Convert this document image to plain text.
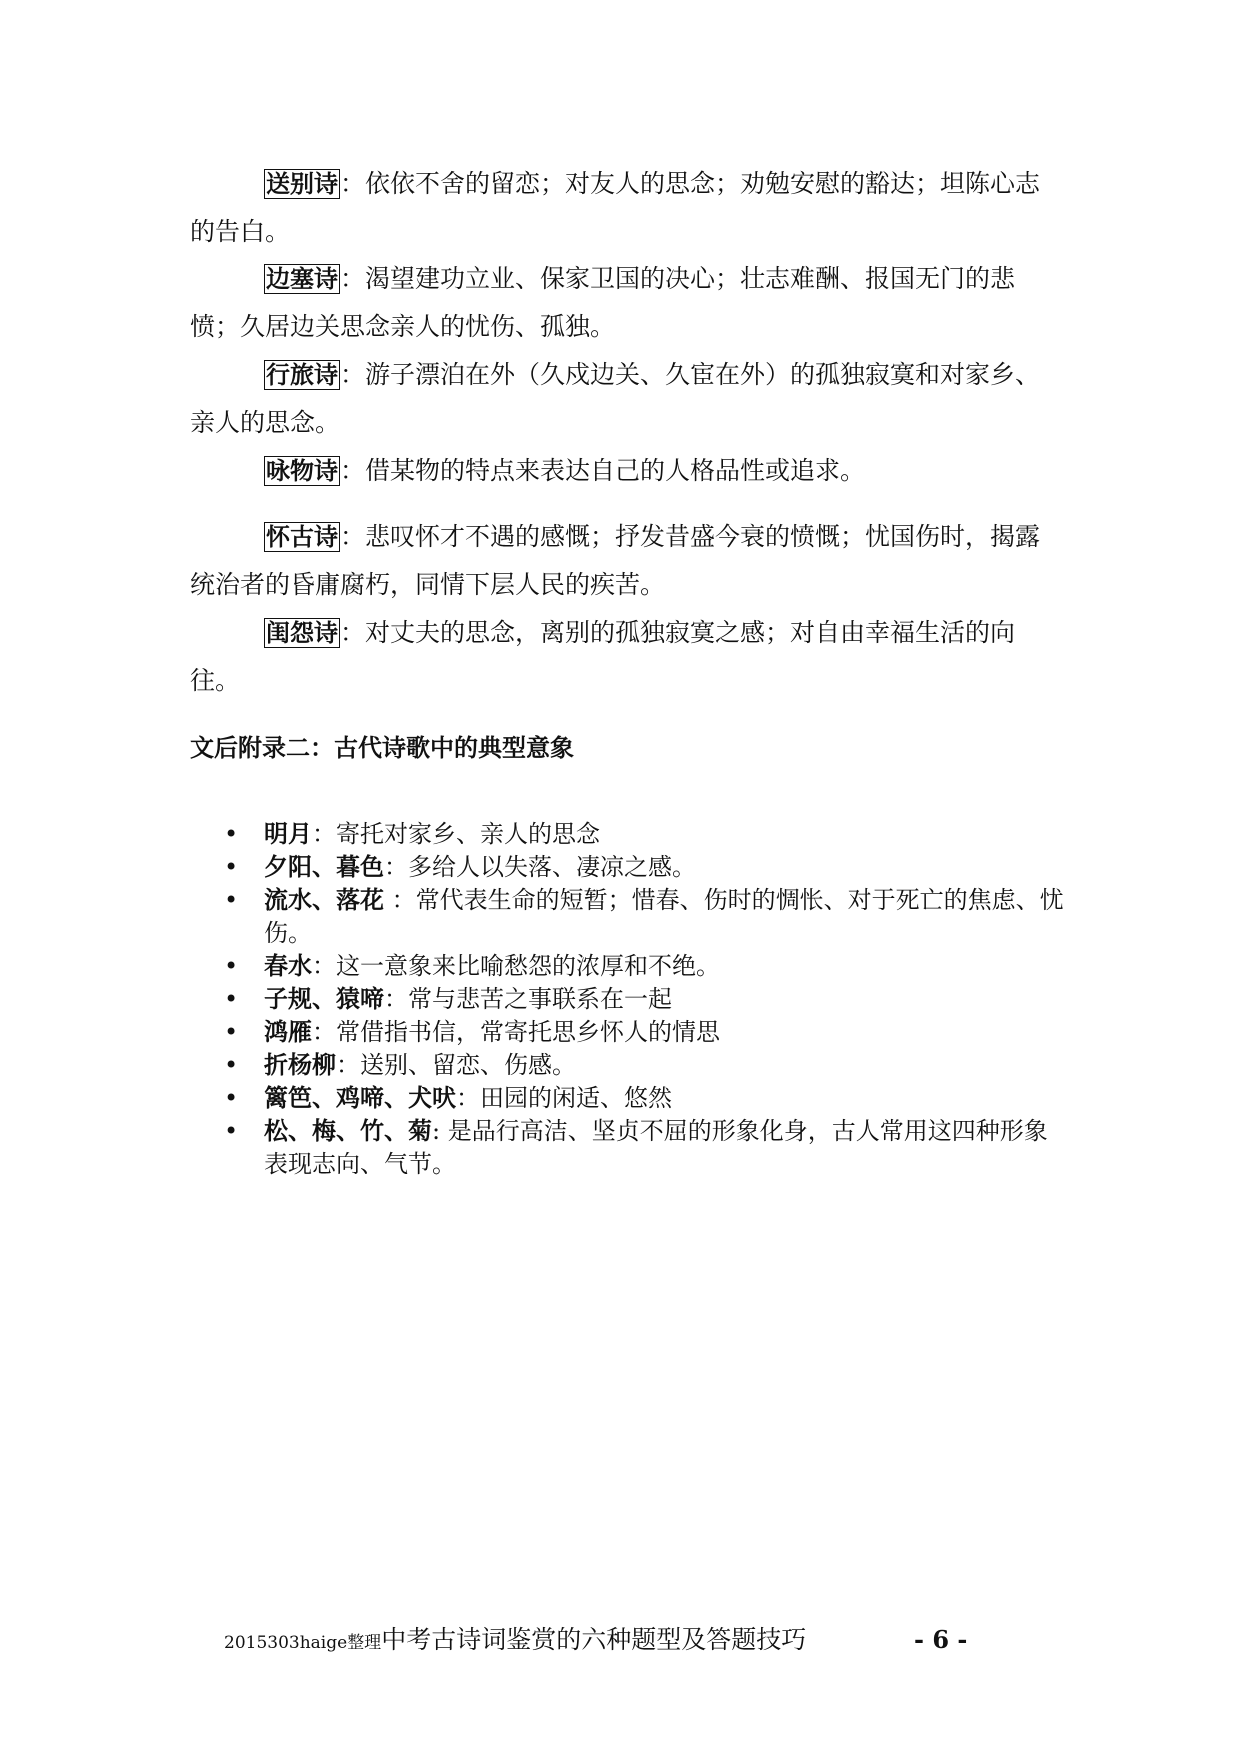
送别诗：依依不舍的留恋；对友人的思念；劝勉安慰的豁达；坦陈心志的告白。
边塞诗：渴望建功立业、保家卫国的决心；壮志难酬、报国无门的悲愤；久居边关思念亲人的忧伤、孤独。
行旅诗：游子漂泊在外（久戍边关、久宦在外）的孤独寂寞和对家乡、亲人的思念。
咏物诗：借某物的特点来表达自己的人格品性或追求。
怀古诗：悲叹怀才不遇的感慨；抒发昔盛今衰的愤慨；忧国伤时，揭露统治者的昏庸腐朽，同情下层人民的疾苦。
闺怨诗：对丈夫的思念，离别的孤独寂寞之感；对自由幸福生活的向往。
文后附录二：古代诗歌中的典型意象
• 明月：寄托对家乡、亲人的思念
• 夕阳、暮色：多给人以失落、凄凉之感。
• 流水、落花 ：常代表生命的短暂；惜春、伤时的惆怅、对于死亡的焦虑、忧伤。
• 春水：这一意象来比喻愁怨的浓厚和不绝。
• 子规、猿啼：常与悲苦之事联系在一起
• 鸿雁：常借指书信，常寄托思乡怀人的情思
• 折杨柳：送别、留恋、伤感。
• 篱笆、鸡啼、犬吠：田园的闲适、悠然
• 松、梅、竹、菊: 是品行高洁、坚贞不屈的形象化身，古人常用这四种形象表现志向、气节。
2015303haige整理中考古诗词鉴赏的六种题型及答题技巧	- 6 -
